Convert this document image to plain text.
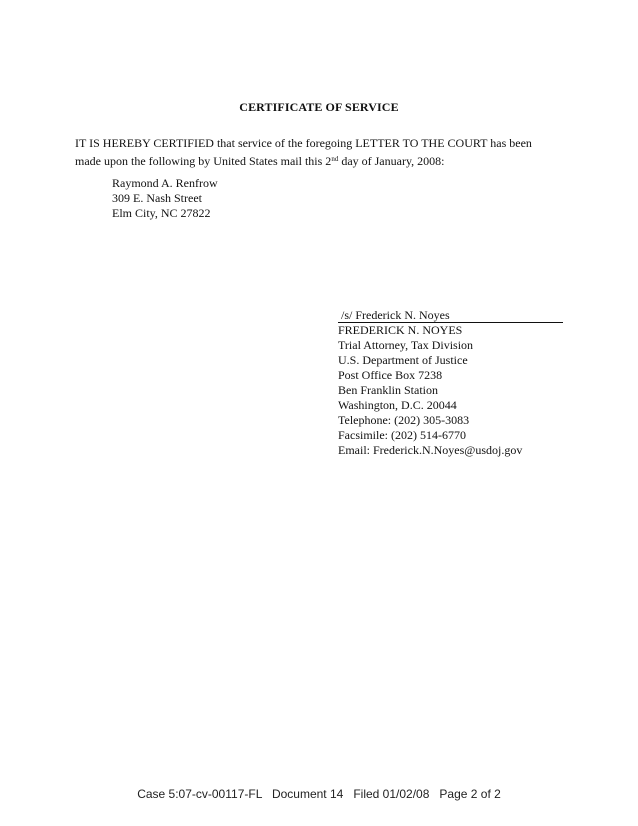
CERTIFICATE OF SERVICE
IT IS HEREBY CERTIFIED that service of the foregoing LETTER TO THE COURT has been
made upon the following by United States mail this 2nd day of January, 2008:
Raymond A. Renfrow
309 E. Nash Street
Elm City, NC 27822
/s/ Frederick N. Noyes
FREDERICK N. NOYES
Trial Attorney, Tax Division
U.S. Department of Justice
Post Office Box 7238
Ben Franklin Station
Washington, D.C. 20044
Telephone: (202) 305-3083
Facsimile: (202) 514-6770
Email: Frederick.N.Noyes@usdoj.gov
Case 5:07-cv-00117-FL Document 14 Filed 01/02/08 Page 2 of 2
